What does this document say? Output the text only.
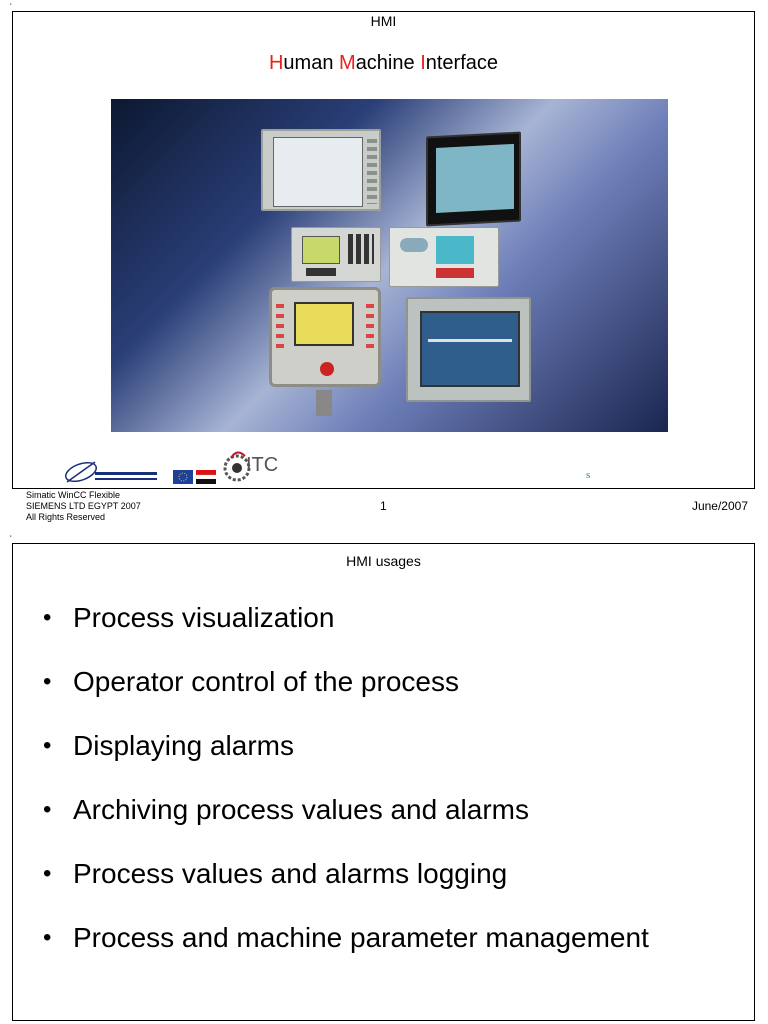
k
HMI
Human Machine Interface
ITC	s
Simatic WinCC Flexible
SIEMENS LTD EGYPT 2007
All Rights Reserved
1	June/2007
k
HMI usages
• Process visualization
• Operator control of the process
• Displaying alarms
• Archiving process values and alarms
• Process values and alarms logging
• Process and machine parameter management
